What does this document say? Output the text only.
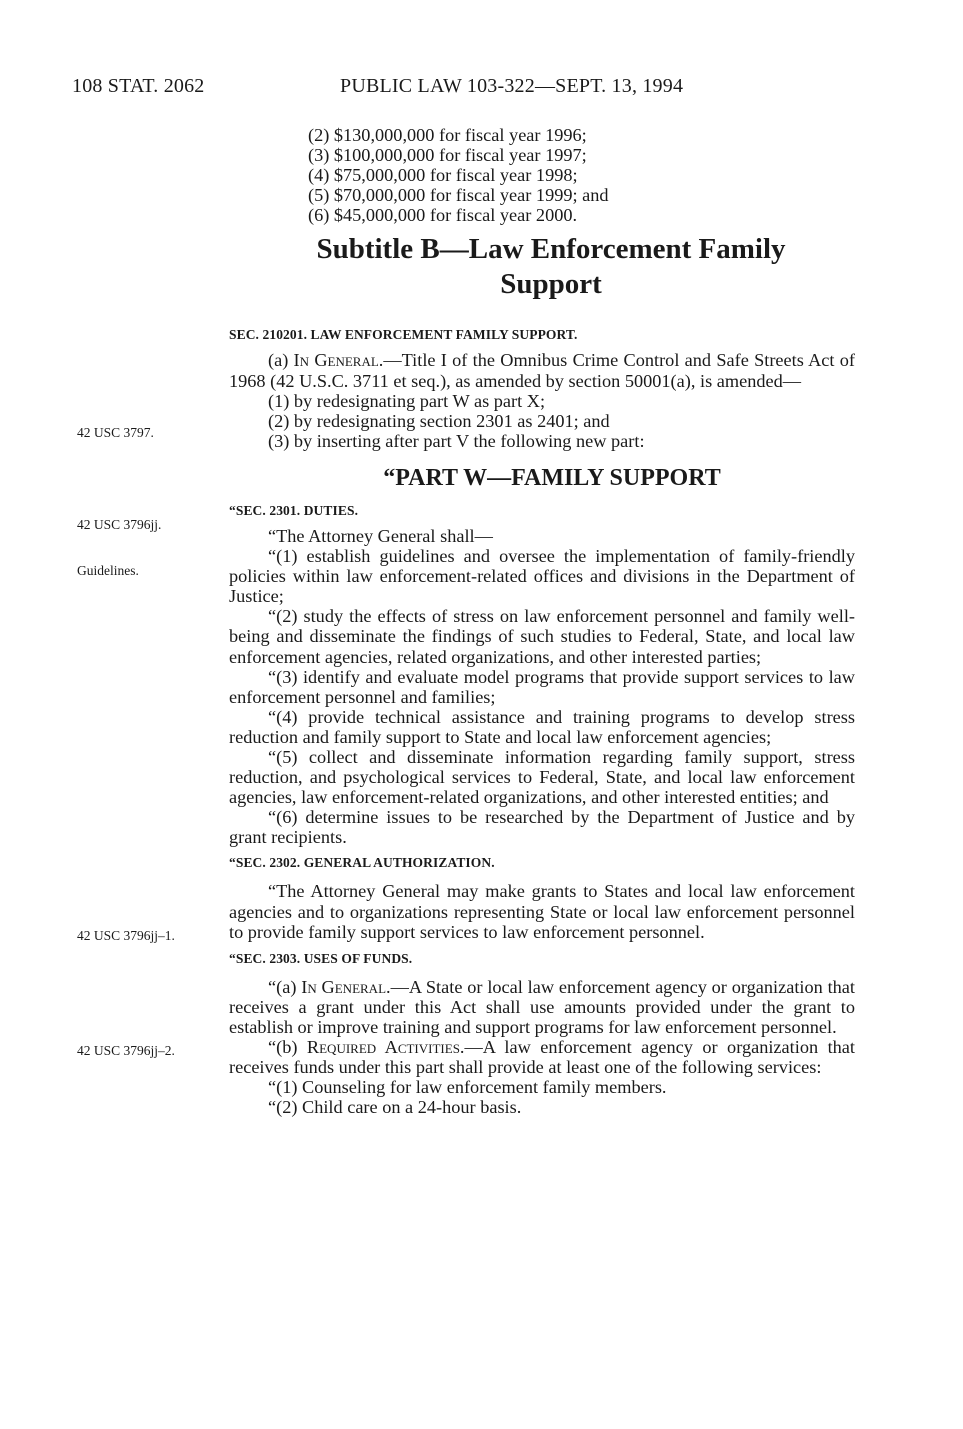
108 STAT. 2062	PUBLIC LAW 103-322—SEPT. 13, 1994
42 USC 3797.
42 USC 3796jj.
Guidelines.
42 USC 3796jj–1.
42 USC 3796jj–2.

(2) $130,000,000 for fiscal year 1996;

(3) $100,000,000 for fiscal year 1997;

(4) $75,000,000 for fiscal year 1998;

(5) $70,000,000 for fiscal year 1999; and

(6) $45,000,000 for fiscal year 2000.

Subtitle B—Law Enforcement Family
Support
SEC. 210201. LAW ENFORCEMENT FAMILY SUPPORT.

(a) In General.—Title I of the Omnibus Crime Control and Safe Streets Act of 1968 (42 U.S.C. 3711 et seq.), as amended by section 50001(a), is amended—

(1) by redesignating part W as part X;

(2) by redesignating section 2301 as 2401; and

(3) by inserting after part V the following new part:

“PART W—FAMILY SUPPORT
“SEC. 2301. DUTIES.

“The Attorney General shall—

“(1) establish guidelines and oversee the implementation of family-friendly policies within law enforcement-related offices and divisions in the Department of Justice;

“(2) study the effects of stress on law enforcement personnel and family well-being and disseminate the findings of such studies to Federal, State, and local law enforcement agencies, related organizations, and other interested parties;

“(3) identify and evaluate model programs that provide support services to law enforcement personnel and families;

“(4) provide technical assistance and training programs to develop stress reduction and family support to State and local law enforcement agencies;

“(5) collect and disseminate information regarding family support, stress reduction, and psychological services to Federal, State, and local law enforcement agencies, law enforcement-related organizations, and other interested entities; and

“(6) determine issues to be researched by the Department of Justice and by grant recipients.

“SEC. 2302. GENERAL AUTHORIZATION.

“The Attorney General may make grants to States and local law enforcement agencies and to organizations representing State or local law enforcement personnel to provide family support services to law enforcement personnel.

“SEC. 2303. USES OF FUNDS.

“(a) In General.—A State or local law enforcement agency or organization that receives a grant under this Act shall use amounts provided under the grant to establish or improve training and support programs for law enforcement personnel.

“(b) Required Activities.—A law enforcement agency or organization that receives funds under this part shall provide at least one of the following services:

“(1) Counseling for law enforcement family members.

“(2) Child care on a 24-hour basis.
